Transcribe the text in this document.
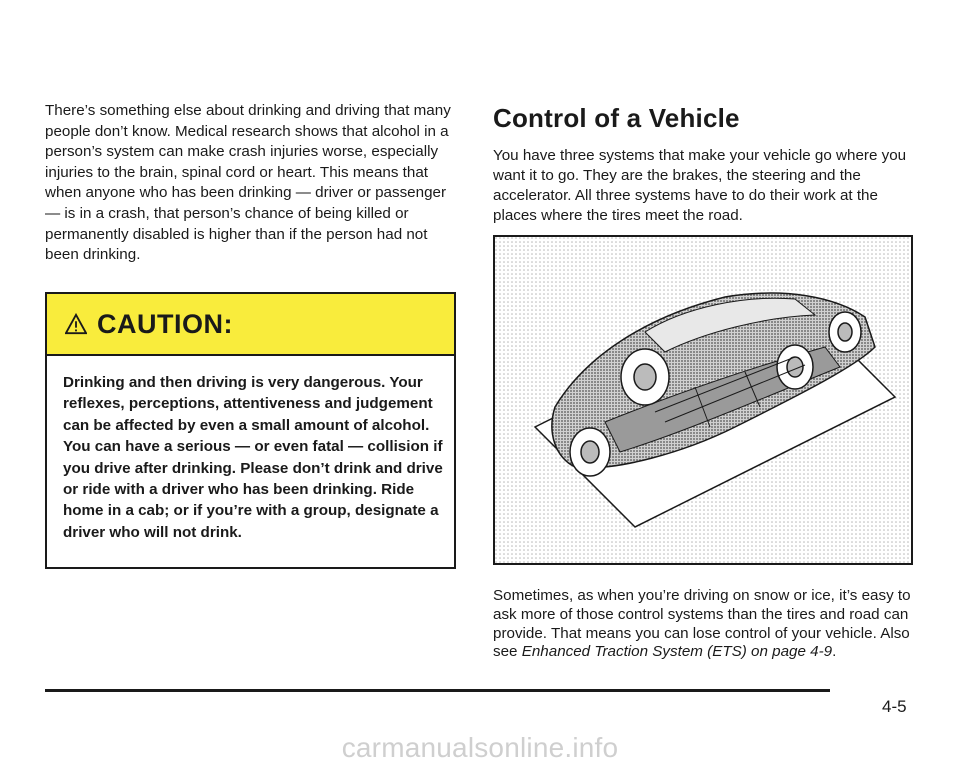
There’s something else about drinking and driving that many people don’t know. Medical research shows that alcohol in a person’s system can make crash injuries worse, especially injuries to the brain, spinal cord or heart. This means that when anyone who has been drinking — driver or passenger — is in a crash, that person’s chance of being killed or permanently disabled is higher than if the person had not been drinking.

CAUTION:

Drinking and then driving is very dangerous. Your reflexes, perceptions, attentiveness and judgement can be affected by even a small amount of alcohol. You can have a serious — or even fatal — collision if you drive after drinking. Please don’t drink and drive or ride with a driver who has been drinking. Ride home in a cab; or if you’re with a group, designate a driver who will not drink.

Control of a Vehicle

You have three systems that make your vehicle go where you want it to go. They are the brakes, the steering and the accelerator. All three systems have to do their work at the places where the tires meet the road.

Sometimes, as when you’re driving on snow or ice, it’s easy to ask more of those control systems than the tires and road can provide. That means you can lose control of your vehicle. Also see Enhanced Traction System (ETS) on page 4-9.

4-5

carmanualsonline.info
